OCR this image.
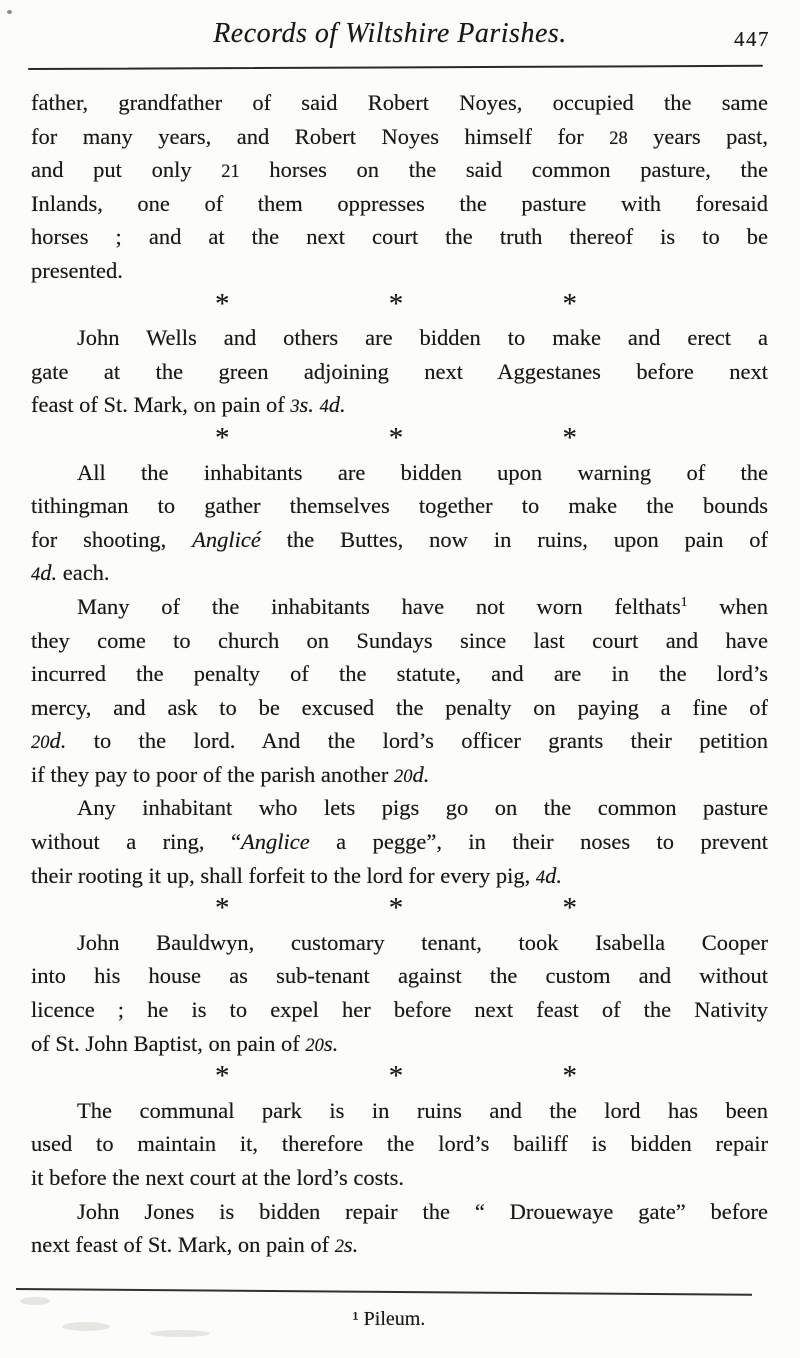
Records of Wiltshire Parishes.	447
father, grandfather of said Robert Noyes, occupied the same
for many years, and Robert Noyes himself for 28 years past,
and put only 21 horses on the said common pasture, the
Inlands, one of them oppresses the pasture with foresaid
horses ; and at the next court the truth thereof is to be
presented.
*	*	*
John Wells and others are bidden to make and erect a
gate at the green adjoining next Aggestanes before next
feast of St. Mark, on pain of 3s. 4d.
*	*	*
All the inhabitants are bidden upon warning of the
tithingman to gather themselves together to make the bounds
for shooting, Anglicé the Buttes, now in ruins, upon pain of
4d. each.
Many of the inhabitants have not worn felthats$^1$ when
they come to church on Sundays since last court and have
incurred the penalty of the statute, and are in the lord’s
mercy, and ask to be excused the penalty on paying a fine of
20d. to the lord. And the lord’s officer grants their petition
if they pay to poor of the parish another 20d.
Any inhabitant who lets pigs go on the common pasture
without a ring, “Anglice a pegge”, in their noses to prevent
their rooting it up, shall forfeit to the lord for every pig, 4d.
*	*	*
John Bauldwyn, customary tenant, took Isabella Cooper
into his house as sub-tenant against the custom and without
licence ; he is to expel her before next feast of the Nativity
of St. John Baptist, on pain of 20s.
*	*	*
The communal park is in ruins and the lord has been
used to maintain it, therefore the lord’s bailiff is bidden repair
it before the next court at the lord’s costs.
John Jones is bidden repair the “ Drouewaye gate” before
next feast of St. Mark, on pain of 2s.
¹ Pileum.
